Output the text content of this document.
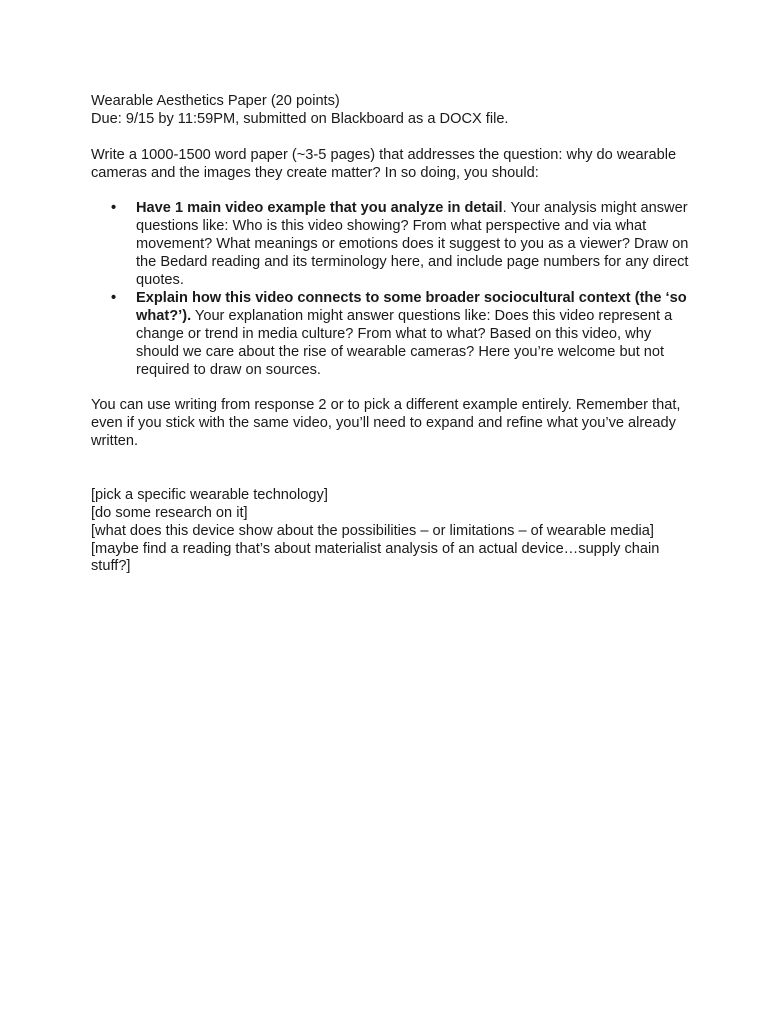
Wearable Aesthetics Paper (20 points)

Due: 9/15 by 11:59PM, submitted on Blackboard as a DOCX file.

Write a 1000-1500 word paper (~3-5 pages) that addresses the question: why do wearable cameras and the images they create matter? In so doing, you should:

• Have 1 main video example that you analyze in detail. Your analysis might answer questions like: Who is this video showing? From what perspective and via what movement? What meanings or emotions does it suggest to you as a viewer? Draw on the Bedard reading and its terminology here, and include page numbers for any direct quotes.
• Explain how this video connects to some broader sociocultural context (the ‘so what?’). Your explanation might answer questions like: Does this video represent a change or trend in media culture? From what to what? Based on this video, why should we care about the rise of wearable cameras? Here you’re welcome but not required to draw on sources.

You can use writing from response 2 or to pick a different example entirely. Remember that, even if you stick with the same video, you’ll need to expand and refine what you’ve already written.

[pick a specific wearable technology]

[do some research on it]

[what does this device show about the possibilities – or limitations – of wearable media]

[maybe find a reading that’s about materialist analysis of an actual device…supply chain stuff?]
